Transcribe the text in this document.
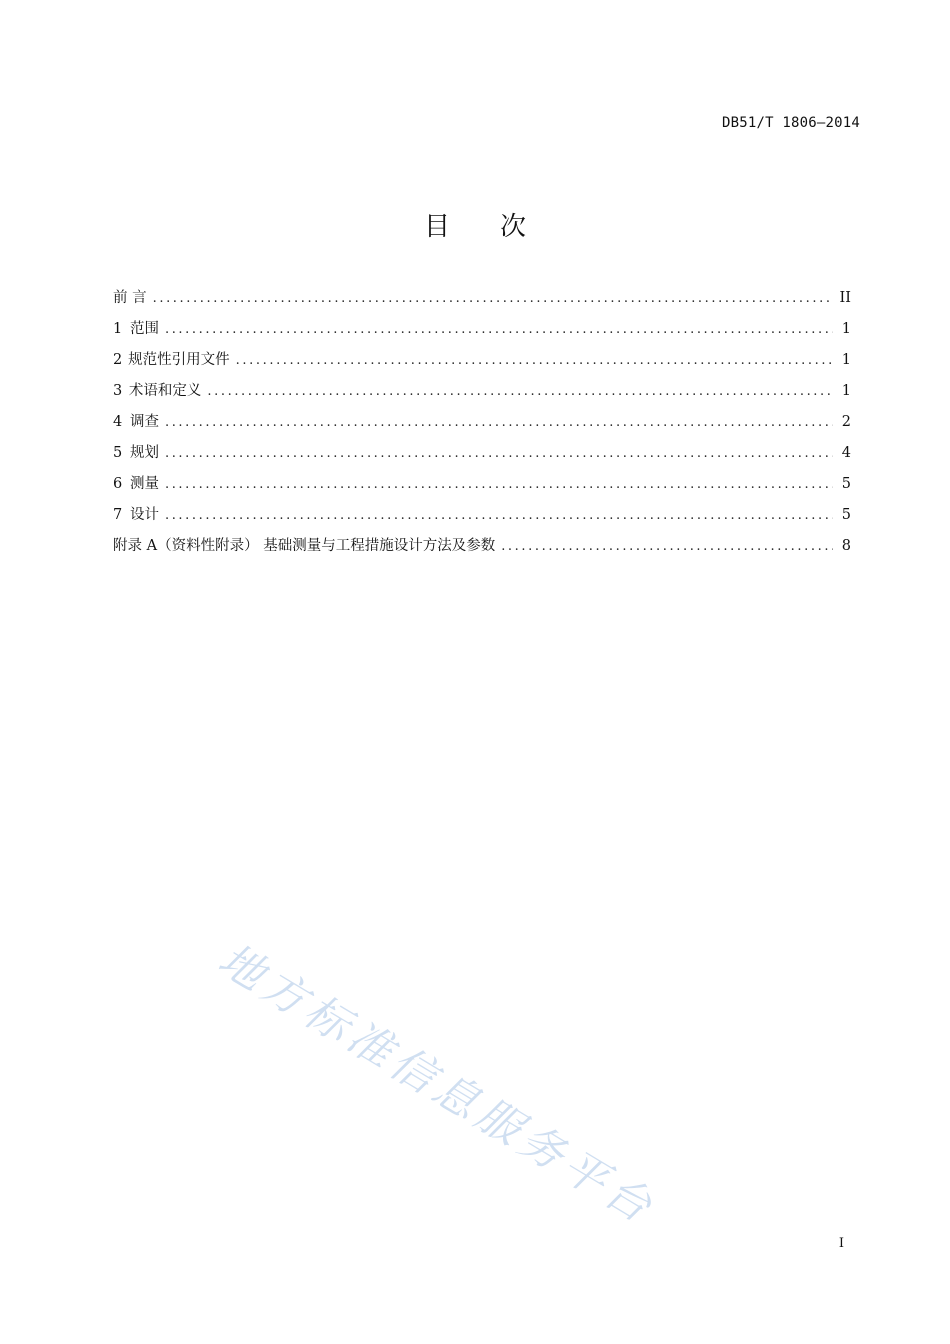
DB51/T 1806—2014
目 次
前 言 .....	II
1 范围 .....	1
2 规范性引用文件 .....	1
3 术语和定义 .....	1
4 调查 .....	2
5 规划 .....	4
6 测量 .....	5
7 设计 .....	5
附录 A（资料性附录） 基础测量与工程措施设计方法及参数 .....	8
地方标准信息服务平台
I
